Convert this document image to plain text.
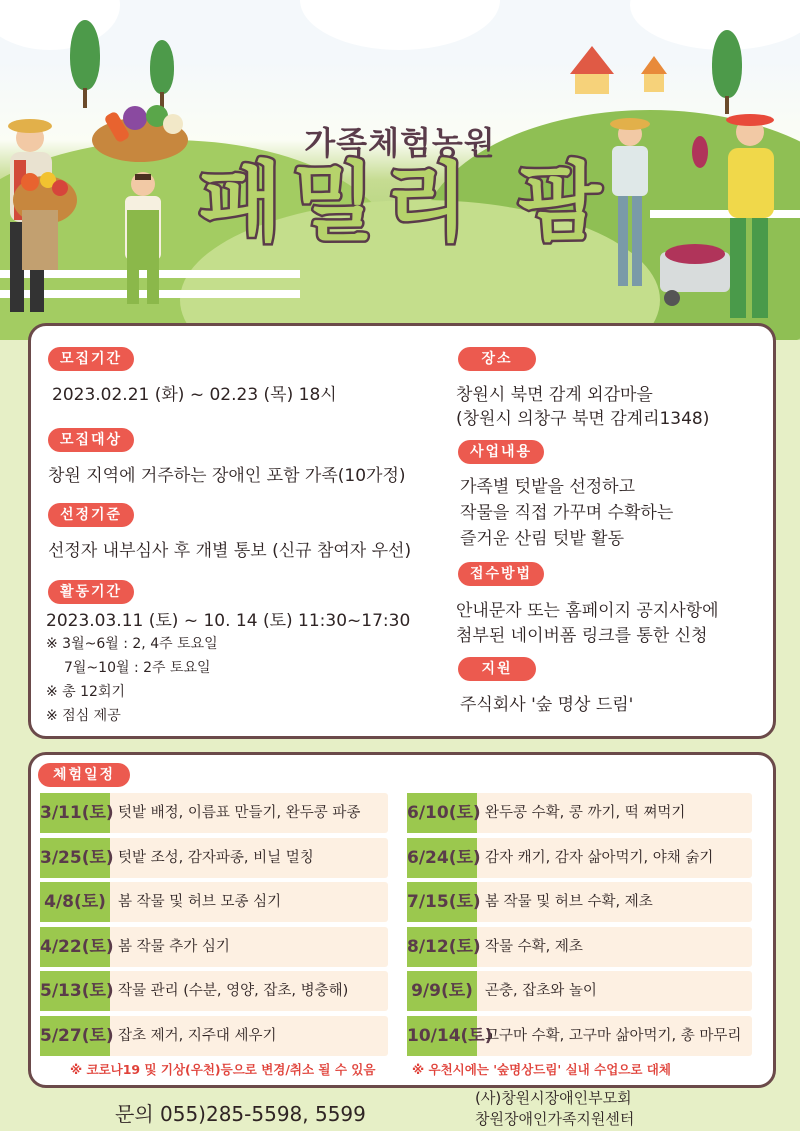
가족체험농원
패밀리 팜
모집기간
2023.02.21 (화) ~ 02.23 (목) 18시
모집대상
창원 지역에 거주하는 장애인 포함 가족(10가정)
선정기준
선정자 내부심사 후 개별 통보 (신규 참여자 우선)
활동기간
2023.03.11 (토) ~ 10. 14 (토) 11:30~17:30
※ 3월~6월 : 2, 4주 토요일
7월~10월 : 2주 토요일
※ 총 12회기
※ 점심 제공
장소
창원시 북면 감계 외감마을
(창원시 의창구 북면 감계리1348)
사업내용
가족별 텃밭을 선정하고
작물을 직접 가꾸며 수확하는
즐거운 산림 텃밭 활동
접수방법
안내문자 또는 홈페이지 공지사항에
첨부된 네이버폼 링크를 통한 신청
지원
주식회사 '숲 명상 드림'
체험일정
3/11(토) 텃밭 배정, 이름표 만들기, 완두콩 파종
3/25(토) 텃밭 조성, 감자파종, 비닐 멀칭
4/8(토) 봄 작물 및 허브 모종 심기
4/22(토) 봄 작물 추가 심기
5/13(토) 작물 관리 (수분, 영양, 잡초, 병충해)
5/27(토) 잡초 제거, 지주대 세우기
6/10(토) 완두콩 수확, 콩 까기, 떡 쪄먹기
6/24(토) 감자 캐기, 감자 삶아먹기, 야채 숡기
7/15(토) 봄 작물 및 허브 수확, 제초
8/12(토) 작물 수확, 제초
9/9(토) 곤충, 잡초와 놀이
10/14(토)
고구마 수확, 고구마 삶아먹기, 총 마무리
※ 코로나19 및 기상(우천)등으로 변경/취소 될 수 있음	※ 우천시에는 '숲명상드림' 실내 수업으로 대체
문의 055)285-5598, 5599
(사)창원시장애인부모회
창원장애인가족지원센터
